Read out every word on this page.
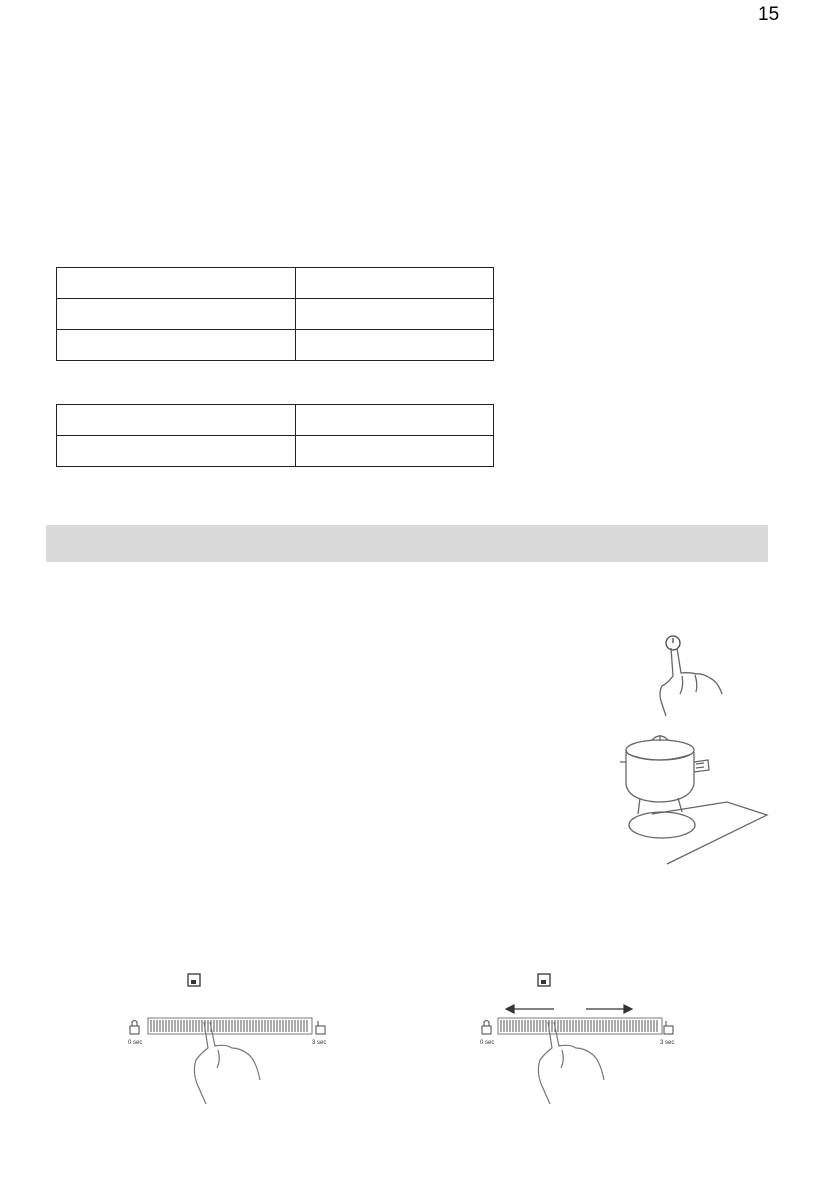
15

0 sec	3 sec	0 sec	3 sec
